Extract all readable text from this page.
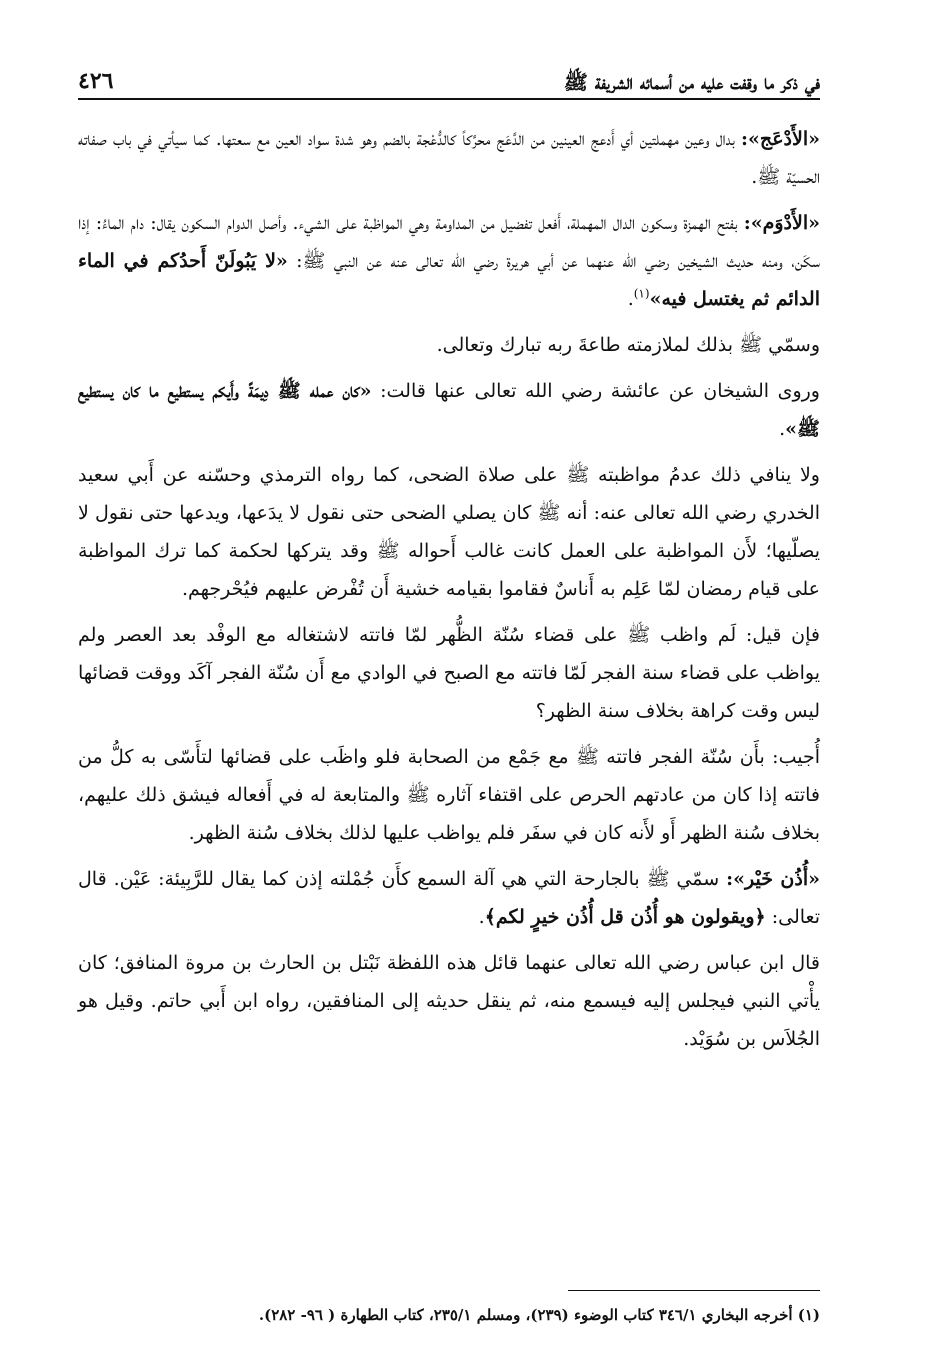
في ذكر ما وقفت عليه من أسمائه الشريفة ﷺ
٤٢٦

«الأَدْعَج»: بدال وعين مهملتين أي أَدعج العينين من الدَّعَج محرَّكاً كالدُّعْجة بالضم وهو شدة سواد العين مع سعتها. كما سيأتي في باب صفاته الحسيّة ﷺ.

«الأَدْوَم»: بفتح الهمزة وسكون الدال المهملة، أَفعل تفضيل من المداومة وهي المواظبة على الشيء. وأصل الدوام السكون يقال: دام الماءُ: إذا سكَن، ومنه حديث الشيخين رضي الله عنهما عن أبي هريرة رضي الله تعالى عنه عن النبي ﷺ: «لا يَبُولَنّ أَحدُكم في الماء الدائم ثم يغتسل فيه»$^{(١)}$.

وسمّي ﷺ بذلك لملازمته طاعةَ ربه تبارك وتعالى.

وروى الشيخان عن عائشة رضي الله تعالى عنها قالت: «كان عمله ﷺ دِيمَةً وأَيكم يستطيع ما كان يستطيع ﷺ».

ولا ينافي ذلك عدمُ مواظبته ﷺ على صلاة الضحى، كما رواه الترمذي وحسّنه عن أَبي سعيد الخدري رضي الله تعالى عنه: أنه ﷺ كان يصلي الضحى حتى نقول لا يدَعها، ويدعها حتى نقول لا يصلّيها؛ لأَن المواظبة على العمل كانت غالب أَحواله ﷺ وقد يتركها لحكمة كما ترك المواظبة على قيام رمضان لمّا عَلِم به أَناسٌ فقاموا بقيامه خشية أَن تُفْرض عليهم فيُحْرجهم.

فإن قيل: لَم واظب ﷺ على قضاء سُنّة الظُّهر لمّا فاتته لاشتغاله مع الوفْد بعد العصر ولم يواظب على قضاء سنة الفجر لَمّا فاتته مع الصبح في الوادي مع أَن سُنّة الفجر آكَد ووقت قضائها ليس وقت كراهة بخلاف سنة الظهر؟

أُجيب: بأَن سُنّة الفجر فاتته ﷺ مع جَمْع من الصحابة فلو واظَب على قضائها لتأَسّى به كلُّ من فاتته إذا كان من عادتهم الحرص على اقتفاء آثاره ﷺ والمتابعة له في أَفعاله فيشق ذلك عليهم، بخلاف سُنة الظهر أَو لأَنه كان في سفَر فلم يواظب عليها لذلك بخلاف سُنة الظهر.

«أُذُن خَيْر»: سمّي ﷺ بالجارحة التي هي آلة السمع كأَن جُمْلته إذن كما يقال للرَّبِيئة: عَيْن. قال تعالى: ﴿ويقولون هو أُذُن قل أُذُن خيرٍ لكم﴾.

قال ابن عباس رضي الله تعالى عنهما قائل هذه اللفظة نَبْتل بن الحارث بن مروة المنافق؛ كان يأْتي النبي فيجلس إليه فيسمع منه، ثم ينقل حديثه إلى المنافقين، رواه ابن أَبي حاتم. وقيل هو الجُلاَس بن سُوَيْد.

(١) أخرجه البخاري ٣٤٦/١ كتاب الوضوء (٢٣٩)، ومسلم ٢٣٥/١، كتاب الطهارة ( ٩٦- ٢٨٢).
